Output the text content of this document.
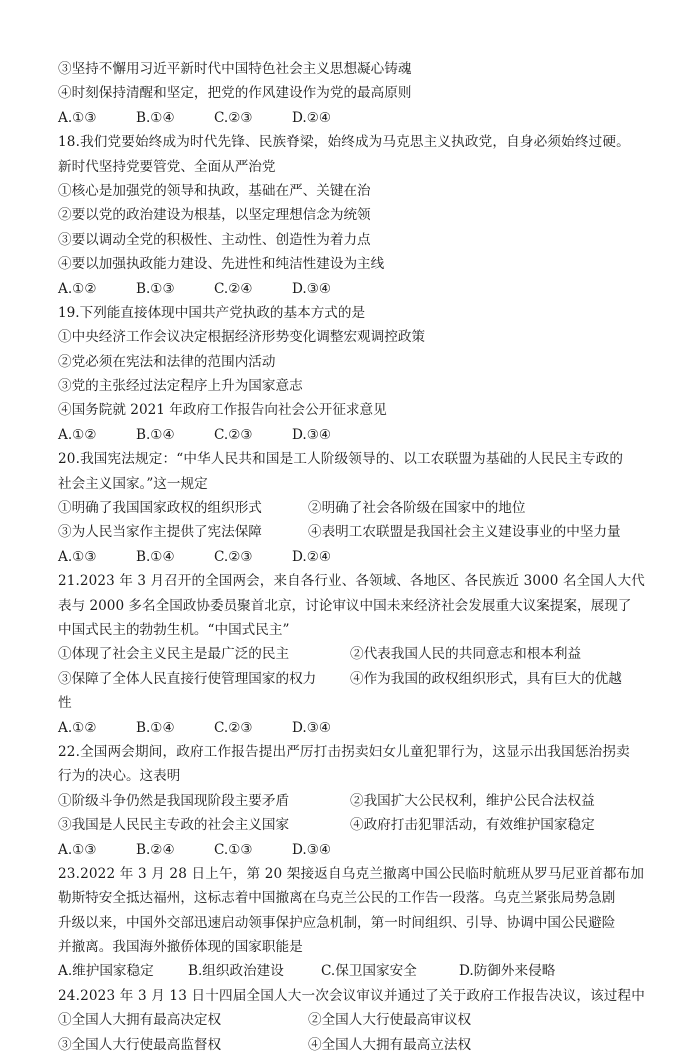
③坚持不懈用习近平新时代中国特色社会主义思想凝心铸魂
④时刻保持清醒和坚定，把党的作风建设作为党的最高原则
A.①③	B.①④	C.②③	D.②④
18.我们党要始终成为时代先锋、民族脊梁，始终成为马克思主义执政党，自身必须始终过硬。
新时代坚持党要管党、全面从严治党
①核心是加强党的领导和执政，基础在严、关键在治
②要以党的政治建设为根基，以坚定理想信念为统领
③要以调动全党的积极性、主动性、创造性为着力点
④要以加强执政能力建设、先进性和纯洁性建设为主线
A.①②	B.①③	C.②④	D.③④
19.下列能直接体现中国共产党执政的基本方式的是
①中央经济工作会议决定根据经济形势变化调整宏观调控政策
②党必须在宪法和法律的范围内活动
③党的主张经过法定程序上升为国家意志
④国务院就 2021 年政府工作报告向社会公开征求意见
A.①②	B.①④	C.②③	D.③④
20.我国宪法规定：“中华人民共和国是工人阶级领导的、以工农联盟为基础的人民民主专政的
社会主义国家。”这一规定
①明确了我国国家政权的组织形式	②明确了社会各阶级在国家中的地位
③为人民当家作主提供了宪法保障	④表明工农联盟是我国社会主义建设事业的中坚力量
A.①③	B.①④	C.②③	D.②④
21.2023 年 3 月召开的全国两会，来自各行业、各领域、各地区、各民族近 3000 名全国人大代
表与 2000 多名全国政协委员聚首北京，讨论审议中国未来经济社会发展重大议案提案，展现了
中国式民主的勃勃生机。“中国式民主”
①体现了社会主义民主是最广泛的民主	②代表我国人民的共同意志和根本利益
③保障了全体人民直接行使管理国家的权力	④作为我国的政权组织形式，具有巨大的优越
性
A.①②	B.①④	C.②③	D.③④
22.全国两会期间，政府工作报告提出严厉打击拐卖妇女儿童犯罪行为，这显示出我国惩治拐卖
行为的决心。这表明
①阶级斗争仍然是我国现阶段主要矛盾	②我国扩大公民权利，维护公民合法权益
③我国是人民民主专政的社会主义国家	④政府打击犯罪活动，有效维护国家稳定
A.①③	B.②④	C.①③	D.③④
23.2022 年 3 月 28 日上午，第 20 架接返自乌克兰撤离中国公民临时航班从罗马尼亚首都布加
勒斯特安全抵达福州，这标志着中国撤离在乌克兰公民的工作告一段落。乌克兰紧张局势急剧
升级以来，中国外交部迅速启动领事保护应急机制，第一时间组织、引导、协调中国公民避险
并撤离。我国海外撤侨体现的国家职能是
A.维护国家稳定	B.组织政治建设	C.保卫国家安全	D.防御外来侵略
24.2023 年 3 月 13 日十四届全国人大一次会议审议并通过了关于政府工作报告决议，该过程中
①全国人大拥有最高决定权	②全国人大行使最高审议权
③全国人大行使最高监督权	④全国人大拥有最高立法权
